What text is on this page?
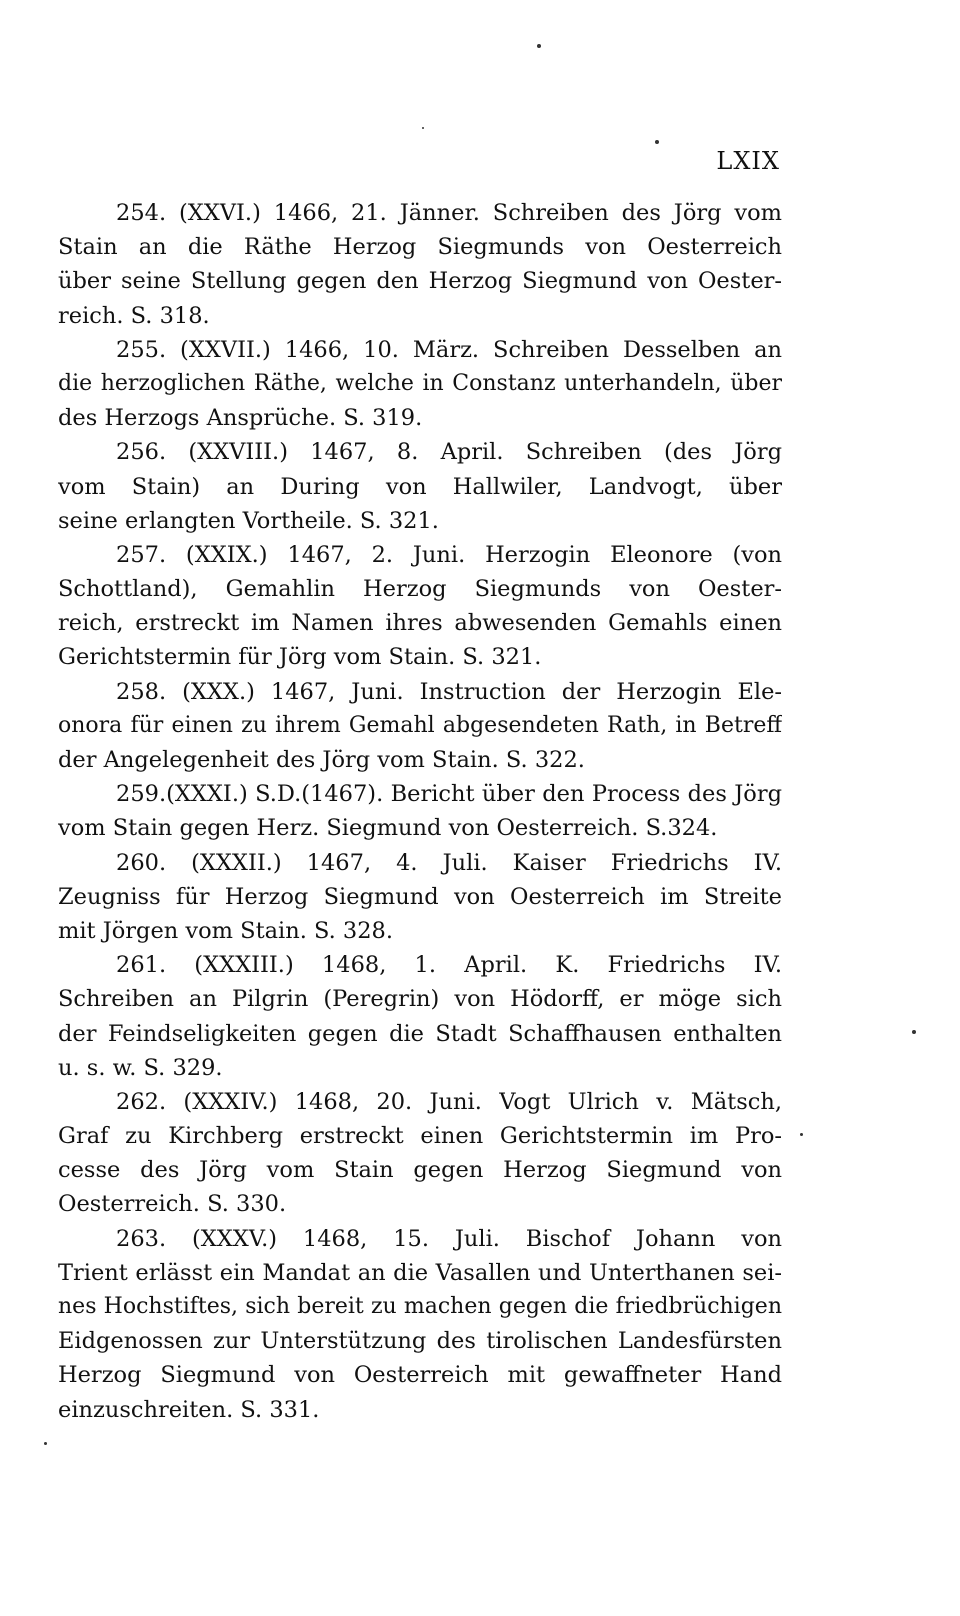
LXIX
254. (XXVI.) 1466, 21. Jänner. Schreiben des Jörg vom
Stain an die Räthe Herzog Siegmunds von Oesterreich
über seine Stellung gegen den Herzog Siegmund von Oester-
reich. S. 318.
255. (XXVII.) 1466, 10. März. Schreiben Desselben an
die herzoglichen Räthe, welche in Constanz unterhandeln, über
des Herzogs Ansprüche. S. 319.
256. (XXVIII.) 1467, 8. April. Schreiben (des Jörg
vom Stain) an During von Hallwiler, Landvogt, über
seine erlangten Vortheile. S. 321.
257. (XXIX.) 1467, 2. Juni. Herzogin Eleonore (von
Schottland), Gemahlin Herzog Siegmunds von Oester-
reich, erstreckt im Namen ihres abwesenden Gemahls einen
Gerichtstermin für Jörg vom Stain. S. 321.
258. (XXX.) 1467, Juni. Instruction der Herzogin Ele-
onora für einen zu ihrem Gemahl abgesendeten Rath, in Betreff
der Angelegenheit des Jörg vom Stain. S. 322.
259.(XXXI.) S.D.(1467). Bericht über den Process des Jörg
vom Stain gegen Herz. Siegmund von Oesterreich. S.324.
260. (XXXII.) 1467, 4. Juli. Kaiser Friedrichs IV.
Zeugniss für Herzog Siegmund von Oesterreich im Streite
mit Jörgen vom Stain. S. 328.
261. (XXXIII.) 1468, 1. April. K. Friedrichs IV.
Schreiben an Pilgrin (Peregrin) von Hödorff, er möge sich
der Feindseligkeiten gegen die Stadt Schaffhausen enthalten
u. s. w. S. 329.
262. (XXXIV.) 1468, 20. Juni. Vogt Ulrich v. Mätsch,
Graf zu Kirchberg erstreckt einen Gerichtstermin im Pro-
cesse des Jörg vom Stain gegen Herzog Siegmund von
Oesterreich. S. 330.
263. (XXXV.) 1468, 15. Juli. Bischof Johann von
Trient erlässt ein Mandat an die Vasallen und Unterthanen sei-
nes Hochstiftes, sich bereit zu machen gegen die friedbrüchigen
Eidgenossen zur Unterstützung des tirolischen Landesfürsten
Herzog Siegmund von Oesterreich mit gewaffneter Hand
einzuschreiten. S. 331.
